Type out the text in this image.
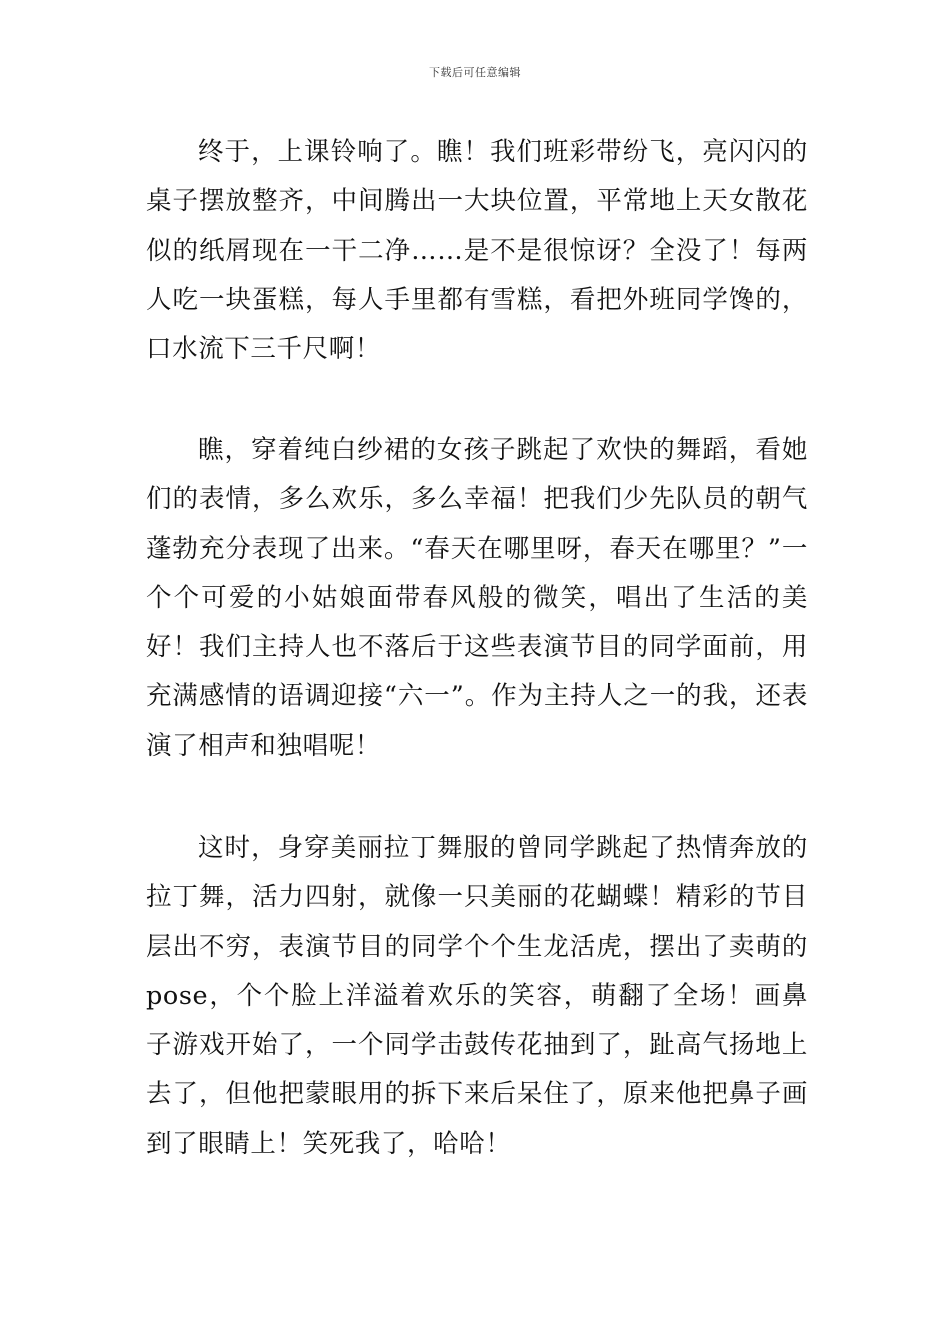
下载后可任意编辑

终于，上课铃响了。瞧！我们班彩带纷飞，亮闪闪的桌子摆放整齐，中间腾出一大块位置，平常地上天女散花似的纸屑现在一干二净……是不是很惊讶？全没了！每两人吃一块蛋糕，每人手里都有雪糕，看把外班同学馋的，口水流下三千尺啊！

瞧，穿着纯白纱裙的女孩子跳起了欢快的舞蹈，看她们的表情，多么欢乐，多么幸福！把我们少先队员的朝气蓬勃充分表现了出来。“春天在哪里呀，春天在哪里？”一个个可爱的小姑娘面带春风般的微笑，唱出了生活的美好！我们主持人也不落后于这些表演节目的同学面前，用充满感情的语调迎接“六一”。作为主持人之一的我，还表演了相声和独唱呢！

这时，身穿美丽拉丁舞服的曾同学跳起了热情奔放的拉丁舞，活力四射，就像一只美丽的花蝴蝶！精彩的节目层出不穷，表演节目的同学个个生龙活虎，摆出了卖萌的pose，个个脸上洋溢着欢乐的笑容，萌翻了全场！画鼻子游戏开始了，一个同学击鼓传花抽到了，趾高气扬地上去了，但他把蒙眼用的拆下来后呆住了，原来他把鼻子画到了眼睛上！笑死我了，哈哈！
